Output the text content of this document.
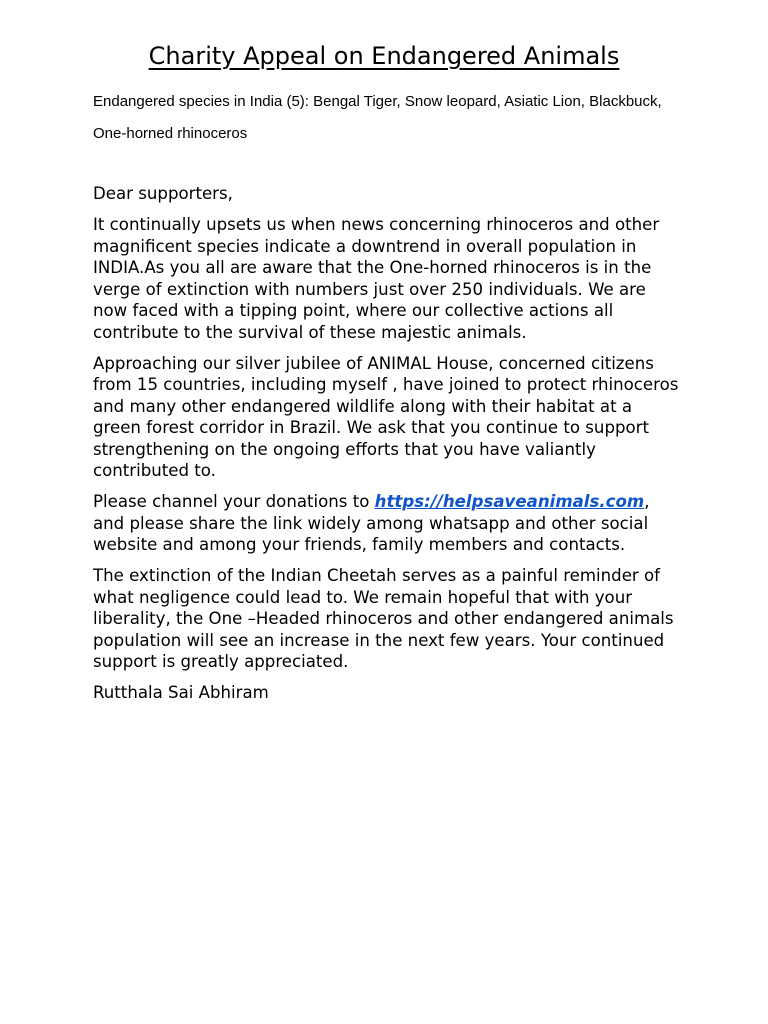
Charity Appeal on Endangered Animals

Endangered species in India (5): Bengal Tiger, Snow leopard, Asiatic Lion, Blackbuck, One-horned rhinoceros

Dear supporters,

It continually upsets us when news concerning rhinoceros and other magnificent species indicate a downtrend in overall population in INDIA.As you all are aware that the One-horned rhinoceros is in the verge of extinction with numbers just over 250 individuals. We are now faced with a tipping point, where our collective actions all contribute to the survival of these majestic animals.

Approaching our silver jubilee of ANIMAL House, concerned citizens from 15 countries, including myself , have joined to protect rhinoceros and many other endangered wildlife along with their habitat at a green forest corridor in Brazil. We ask that you continue to support strengthening on the ongoing efforts that you have valiantly contributed to.

Please channel your donations to https://helpsaveanimals.com, and please share the link widely among whatsapp and other social website and among your friends, family members and contacts.

The extinction of the Indian Cheetah serves as a painful reminder of what negligence could lead to. We remain hopeful that with your liberality, the One –Headed rhinoceros and other endangered animals population will see an increase in the next few years. Your continued support is greatly appreciated.

Rutthala Sai Abhiram
